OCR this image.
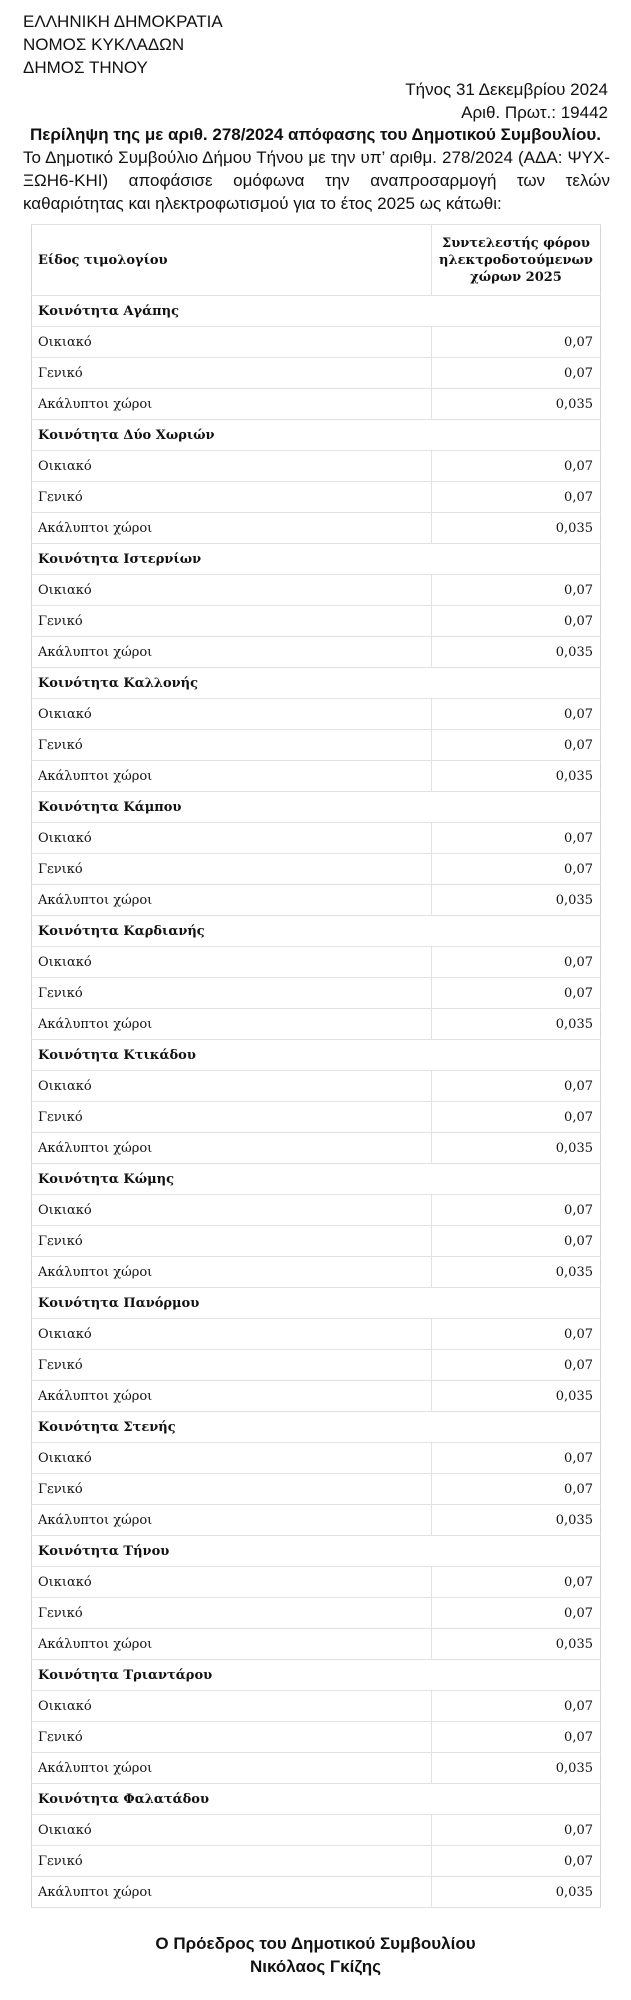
ΕΛΛΗΝΙΚΗ ΔΗΜΟΚΡΑΤΙΑ
ΝΟΜΟΣ ΚΥΚΛΑΔΩΝ
ΔΗΜΟΣ ΤΗΝΟΥ
Τήνος 31 Δεκεμβρίου 2024
Αριθ. Πρωτ.: 19442
Περίληψη της με αριθ. 278/2024 απόφασης του Δημοτικού Συμβουλίου.
Το Δημοτικό Συμβούλιο Δήμου Τήνου με την υπ’ αριθμ. 278/2024 (ΑΔΑ: ΨΥΧ-ΞΩΗ6-ΚΗΙ) αποφάσισε ομόφωνα την αναπροσαρμογή των τελών καθαριότητας και ηλεκτροφωτισμού για το έτος 2025 ως κάτωθι:
Είδος τιμολογίου	Συντελεστής φόρου ηλεκτροδοτούμενων χώρων 2025
Κοινότητα Αγάπης	
Οικιακό	0,07
Γενικό	0,07
Ακάλυπτοι χώροι	0,035
Κοινότητα Δύο Χωριών	
Οικιακό	0,07
Γενικό	0,07
Ακάλυπτοι χώροι	0,035
Κοινότητα Ιστερνίων	
Οικιακό	0,07
Γενικό	0,07
Ακάλυπτοι χώροι	0,035
Κοινότητα Καλλονής	
Οικιακό	0,07
Γενικό	0,07
Ακάλυπτοι χώροι	0,035
Κοινότητα Κάμπου	
Οικιακό	0,07
Γενικό	0,07
Ακάλυπτοι χώροι	0,035
Κοινότητα Καρδιανής	
Οικιακό	0,07
Γενικό	0,07
Ακάλυπτοι χώροι	0,035
Κοινότητα Κτικάδου	
Οικιακό	0,07
Γενικό	0,07
Ακάλυπτοι χώροι	0,035
Κοινότητα Κώμης	
Οικιακό	0,07
Γενικό	0,07
Ακάλυπτοι χώροι	0,035
Κοινότητα Πανόρμου	
Οικιακό	0,07
Γενικό	0,07
Ακάλυπτοι χώροι	0,035
Κοινότητα Στενής	
Οικιακό	0,07
Γενικό	0,07
Ακάλυπτοι χώροι	0,035
Κοινότητα Τήνου	
Οικιακό	0,07
Γενικό	0,07
Ακάλυπτοι χώροι	0,035
Κοινότητα Τριαντάρου	
Οικιακό	0,07
Γενικό	0,07
Ακάλυπτοι χώροι	0,035
Κοινότητα Φαλατάδου	
Οικιακό	0,07
Γενικό	0,07
Ακάλυπτοι χώροι	0,035
Ο Πρόεδρος του Δημοτικού Συμβουλίου
Νικόλαος Γκίζης
